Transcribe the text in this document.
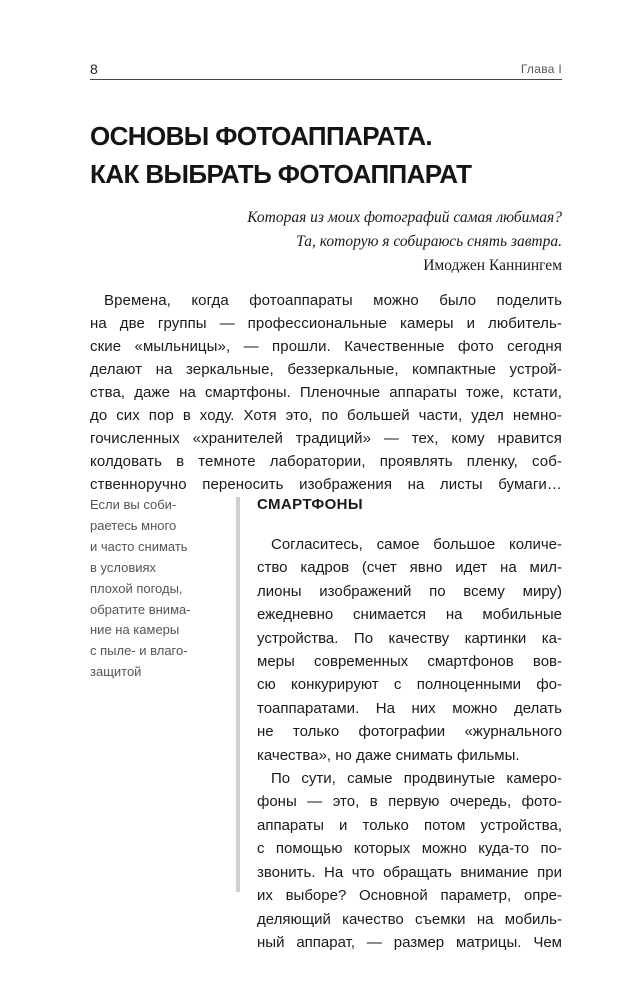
8	Глава I
ОСНОВЫ ФОТОАППАРАТА.
КАК ВЫБРАТЬ ФОТОАППАРАТ
Которая из моих фотографий самая любимая?
Та, которую я собираюсь снять завтра.
Имоджен Каннингем
Времена, когда фотоаппараты можно было поделить
на две группы — профессиональные камеры и любитель-
ские «мыльницы», — прошли. Качественные фото сегодня
делают на зеркальные, беззеркальные, компактные устрой-
ства, даже на смартфоны. Пленочные аппараты тоже, кстати,
до сих пор в ходу. Хотя это, по большей части, удел немно-
гочисленных «хранителей традиций» — тех, кому нравится
колдовать в темноте лаборатории, проявлять пленку, соб-
ственноручно переносить изображения на листы бумаги…
Если вы соби-
раетесь много
и часто снимать
в условиях
плохой погоды,
обратите внима-
ние на камеры
с пыле- и влаго-
защитой
СМАРТФОНЫ
Согласитесь, самое большое количе-
ство кадров (счет явно идет на мил-
лионы изображений по всему миру)
ежедневно снимается на мобильные
устройства. По качеству картинки ка-
меры современных смартфонов вов-
сю конкурируют с полноценными фо-
тоаппаратами. На них можно делать
не только фотографии «журнального
качества», но даже снимать фильмы.
По сути, самые продвинутые камеро-
фоны — это, в первую очередь, фото-
аппараты и только потом устройства,
с помощью которых можно куда-то по-
звонить. На что обращать внимание при
их выборе? Основной параметр, опре-
деляющий качество съемки на мобиль-
ный аппарат, — размер матрицы. Чем
